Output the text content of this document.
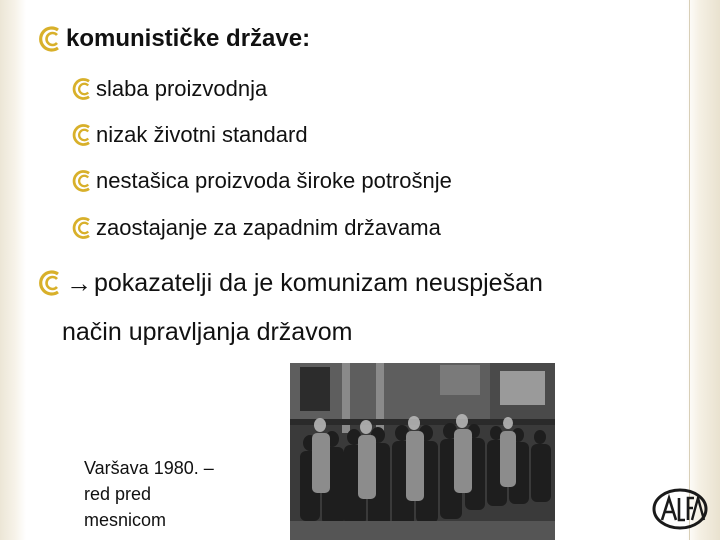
komunističke države:
slaba proizvodnja
nizak životni standard
nestašica proizvoda široke potrošnje
zaostajanje za zapadnim državama
→ pokazatelji da je komunizam neuspješan
način upravljanja državom
Varšava 1980. –
red pred
mesnicom
